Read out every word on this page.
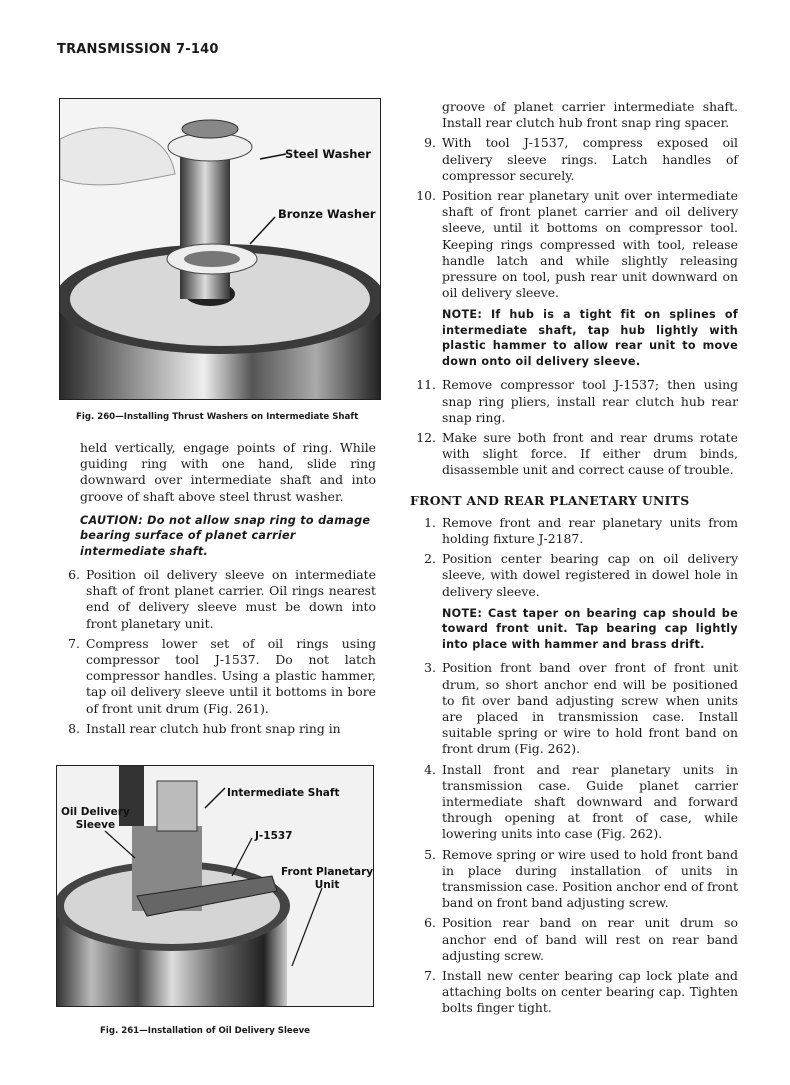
TRANSMISSION 7-140
Steel Washer
Bronze Washer
Fig. 260—Installing Thrust Washers on Intermediate Shaft

held vertically, engage points of ring. While guiding ring with one hand, slide ring downward over intermediate shaft and into groove of shaft above steel thrust washer.

CAUTION: Do not allow snap ring to damage bearing surface of planet carrier intermediate shaft.

6. Position oil delivery sleeve on intermediate shaft of front planet carrier. Oil rings nearest end of delivery sleeve must be down into front planetary unit.
7. Compress lower set of oil rings using compressor tool J-1537. Do not latch compressor handles. Using a plastic hammer, tap oil delivery sleeve until it bottoms in bore of front unit drum (Fig. 261).
8. Install rear clutch hub front snap ring in
Intermediate Shaft
Oil Delivery
Sleeve
J-1537
Front Planetary
Unit
Fig. 261—Installation of Oil Delivery Sleeve

groove of planet carrier intermediate shaft. Install rear clutch hub front snap ring spacer.

9. With tool J-1537, compress exposed oil delivery sleeve rings. Latch handles of compressor securely.
10. Position rear planetary unit over intermediate shaft of front planet carrier and oil delivery sleeve, until it bottoms on compressor tool. Keeping rings compressed with tool, release handle latch and while slightly releasing pressure on tool, push rear unit downward on oil delivery sleeve.

NOTE: If hub is a tight fit on splines of intermediate shaft, tap hub lightly with plastic hammer to allow rear unit to move down onto oil delivery sleeve.

11. Remove compressor tool J-1537; then using snap ring pliers, install rear clutch hub rear snap ring.
12. Make sure both front and rear drums rotate with slight force. If either drum binds, disassemble unit and correct cause of trouble.
FRONT AND REAR PLANETARY UNITS
1. Remove front and rear planetary units from holding fixture J-2187.
2. Position center bearing cap on oil delivery sleeve, with dowel registered in dowel hole in delivery sleeve.

NOTE: Cast taper on bearing cap should be toward front unit. Tap bearing cap lightly into place with hammer and brass drift.

3. Position front band over front of front unit drum, so short anchor end will be positioned to fit over band adjusting screw when units are placed in transmission case. Install suitable spring or wire to hold front band on front drum (Fig. 262).
4. Install front and rear planetary units in transmission case. Guide planet carrier intermediate shaft downward and forward through opening at front of case, while lowering units into case (Fig. 262).
5. Remove spring or wire used to hold front band in place during installation of units in transmission case. Position anchor end of front band on front band adjusting screw.
6. Position rear band on rear unit drum so anchor end of band will rest on rear band adjusting screw.
7. Install new center bearing cap lock plate and attaching bolts on center bearing cap. Tighten bolts finger tight.
